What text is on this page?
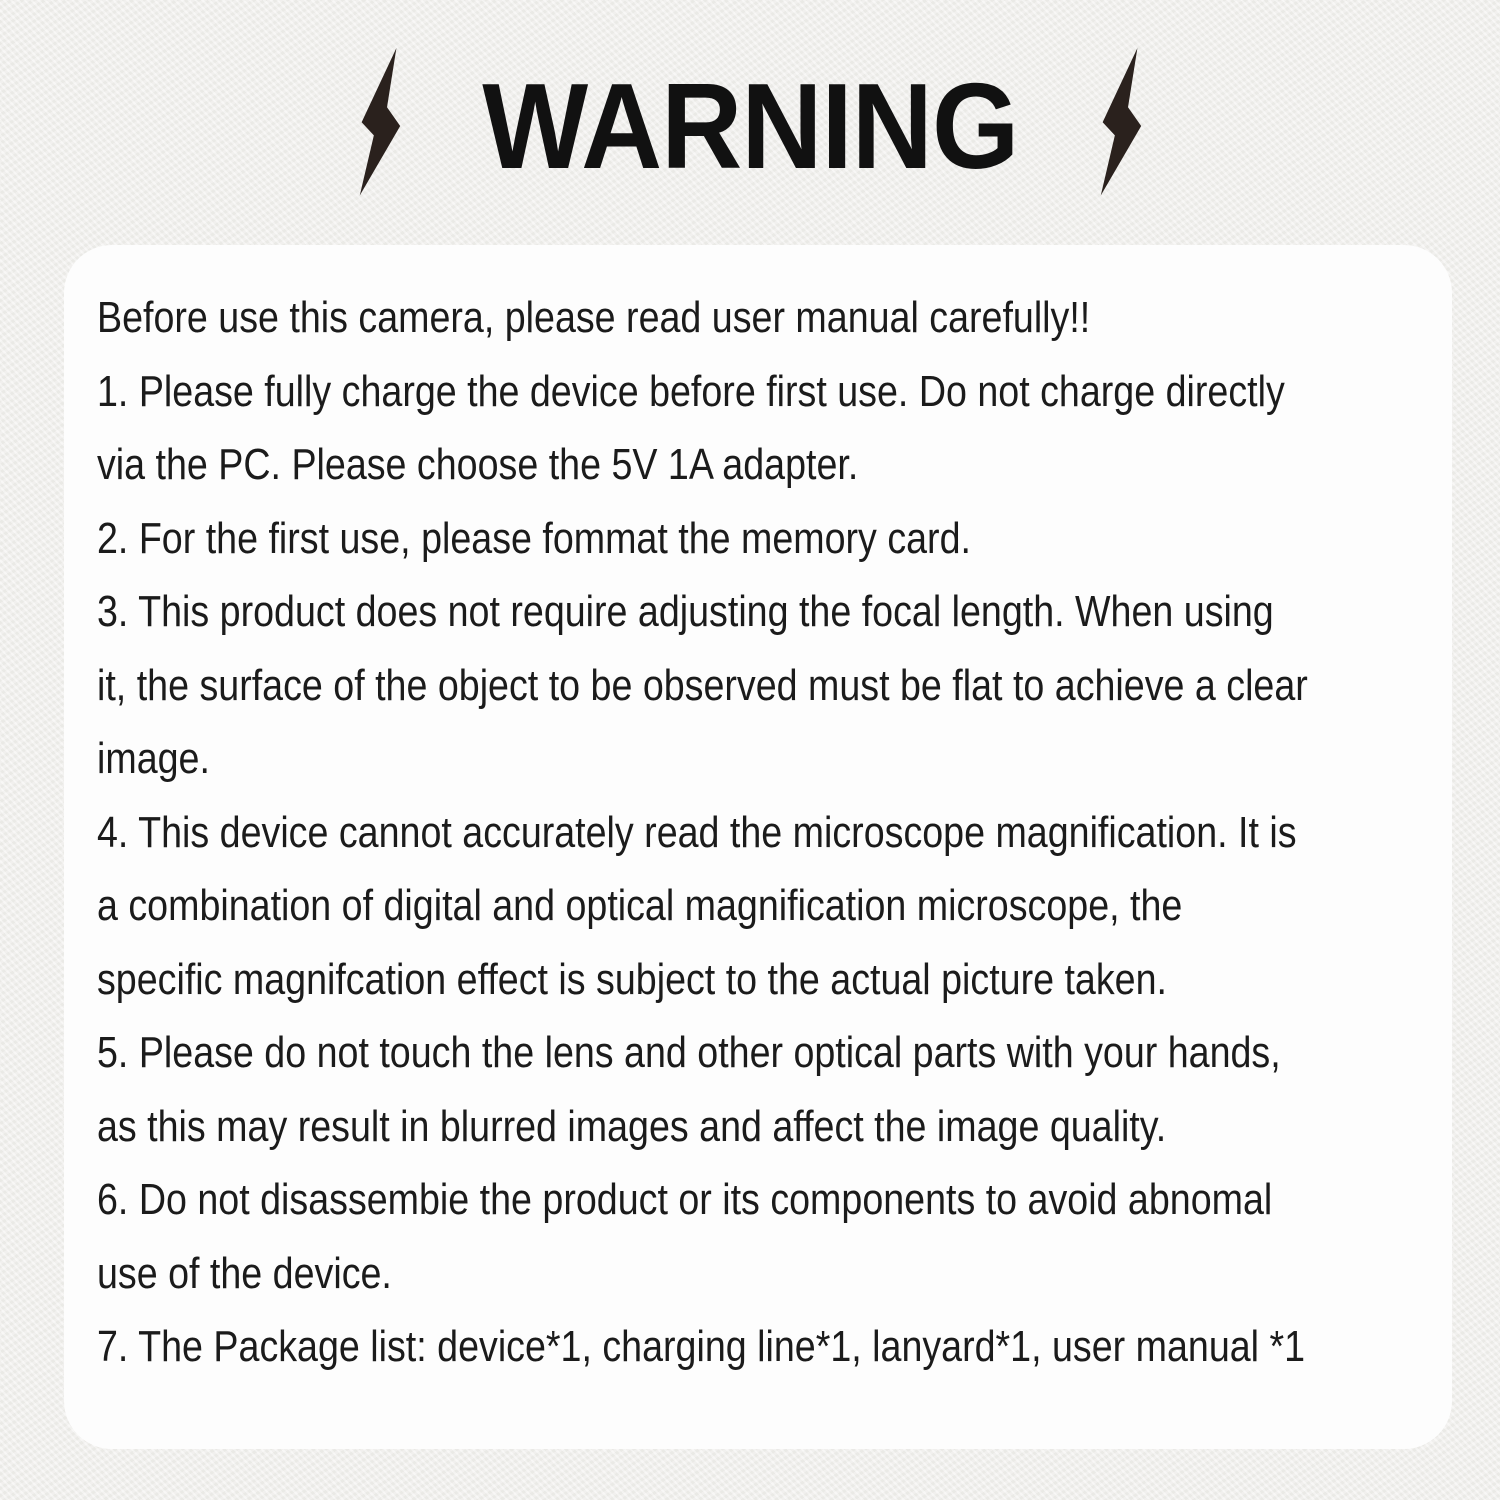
WARNING
Before use this camera, please read user manual carefully!!
1. Please fully charge the device before first use. Do not charge directly
via the PC. Please choose the 5V 1A adapter.
2. For the first use, please fommat the memory card.
3. This product does not require adjusting the focal length. When using
it, the surface of the object to be observed must be flat to achieve a clear
image.
4. This device cannot accurately read the microscope magnification. It is
a combination of digital and optical magnification microscope, the
specific magnifcation effect is subject to the actual picture taken.
5. Please do not touch the lens and other optical parts with your hands,
as this may result in blurred images and affect the image quality.
6. Do not disassembie the product or its components to avoid abnomal
use of the device.
7. The Package list: device*1, charging line*1, lanyard*1, user manual *1
